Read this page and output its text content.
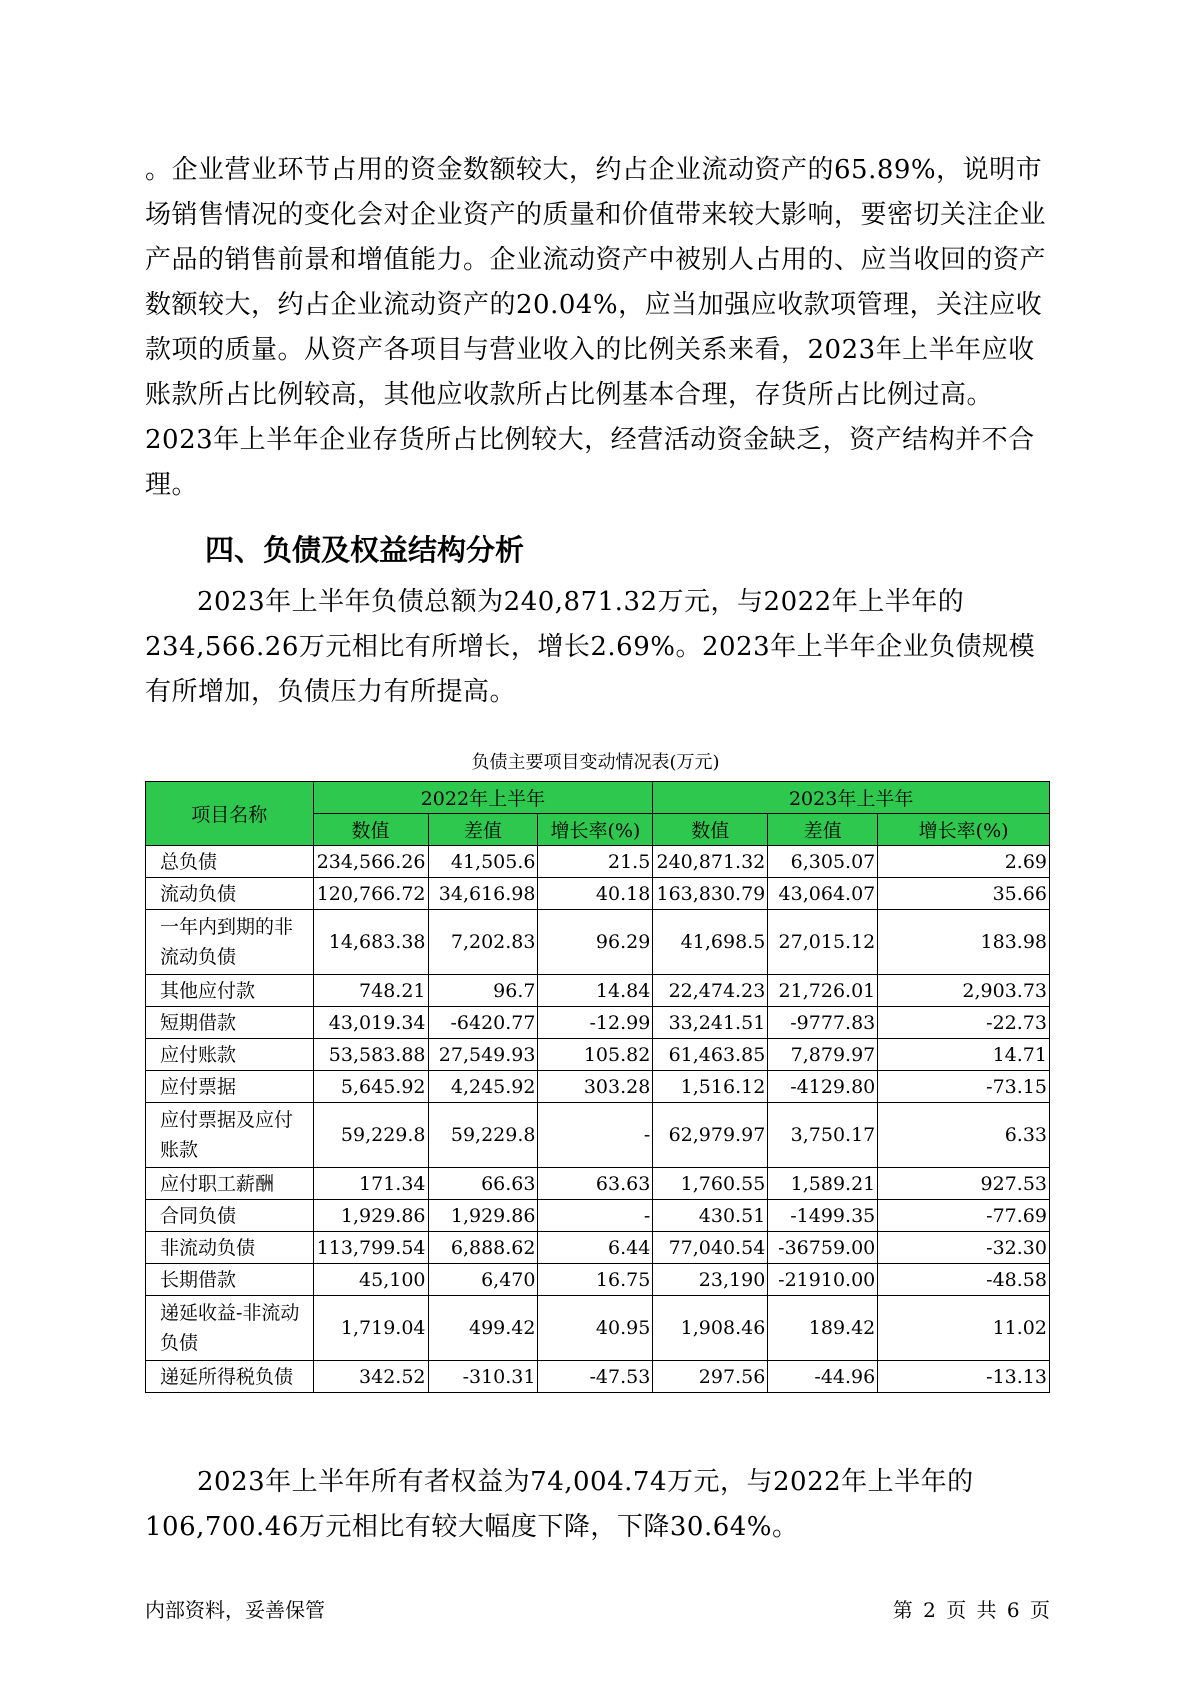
。企业营业环节占用的资金数额较大，约占企业流动资产的65.89%，说明市场销售情况的变化会对企业资产的质量和价值带来较大影响，要密切关注企业产品的销售前景和增值能力。企业流动资产中被别人占用的、应当收回的资产数额较大，约占企业流动资产的20.04%，应当加强应收款项管理，关注应收款项的质量。从资产各项目与营业收入的比例关系来看，2023年上半年应收账款所占比例较高，其他应收款所占比例基本合理，存货所占比例过高。2023年上半年企业存货所占比例较大，经营活动资金缺乏，资产结构并不合理。

四、负债及权益结构分析

2023年上半年负债总额为240,871.32万元，与2022年上半年的234,566.26万元相比有所增长，增长2.69%。2023年上半年企业负债规模有所增加，负债压力有所提高。

负债主要项目变动情况表(万元)
项目名称	2022年上半年			2023年上半年		
	数值	差值	增长率(%)	数值	差值	增长率(%)
总负债	234,566.26	41,505.6	21.5	240,871.32	6,305.07	2.69
流动负债	120,766.72	34,616.98	40.18	163,830.79	43,064.07	35.66
一年内到期的非流动负债	14,683.38	7,202.83	96.29	41,698.5	27,015.12	183.98
其他应付款	748.21	96.7	14.84	22,474.23	21,726.01	2,903.73
短期借款	43,019.34	-6420.77	-12.99	33,241.51	-9777.83	-22.73
应付账款	53,583.88	27,549.93	105.82	61,463.85	7,879.97	14.71
应付票据	5,645.92	4,245.92	303.28	1,516.12	-4129.80	-73.15
应付票据及应付账款	59,229.8	59,229.8	-	62,979.97	3,750.17	6.33
应付职工薪酬	171.34	66.63	63.63	1,760.55	1,589.21	927.53
合同负债	1,929.86	1,929.86	-	430.51	-1499.35	-77.69
非流动负债	113,799.54	6,888.62	6.44	77,040.54	-36759.00	-32.30
长期借款	45,100	6,470	16.75	23,190	-21910.00	-48.58
递延收益-非流动负债	1,719.04	499.42	40.95	1,908.46	189.42	11.02
递延所得税负债	342.52	-310.31	-47.53	297.56	-44.96	-13.13

2023年上半年所有者权益为74,004.74万元，与2022年上半年的106,700.46万元相比有较大幅度下降，下降30.64%。

内部资料，妥善保管	第 2 页 共 6 页
